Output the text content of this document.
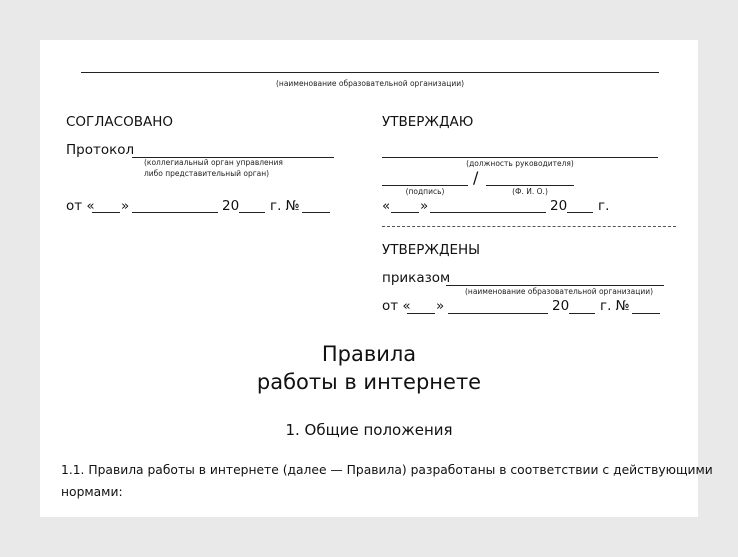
(наименование образовательной организации)
СОГЛАСОВАНО
Протокол
(коллегиальный орган управления
либо представительный орган)
от « »	20 г. №
УТВЕРЖДАЮ
(должность руководителя)
/
(подпись)	(Ф. И. О.)
« »	20 г.
УТВЕРЖДЕНЫ
приказом
(наименование образовательной организации)
от « »	20 г. №
Правила
работы в интернете
1. Общие положения
1.1. Правила работы в интернете (далее — Правила) разработаны в соответствии с действующими
нормами:
